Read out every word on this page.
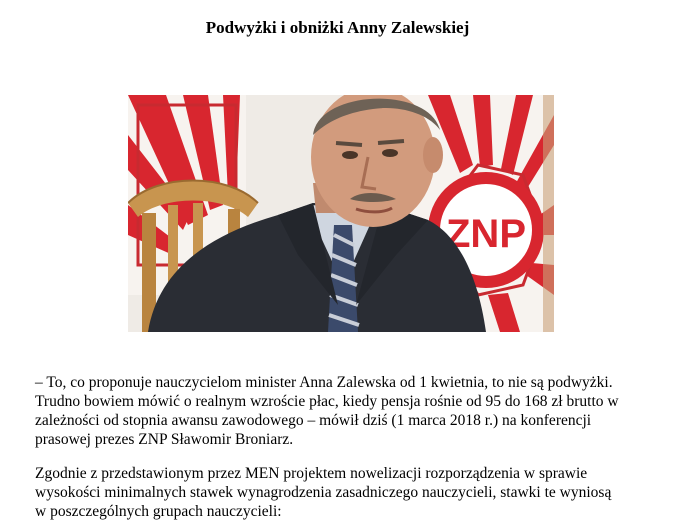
Podwyżki i obniżki Anny Zalewskiej
ZNP
– To, co proponuje nauczycielom minister Anna Zalewska od 1 kwietnia, to nie są podwyżki.
Trudno bowiem mówić o realnym wzroście płac, kiedy pensja rośnie od 95 do 168 zł brutto w
zależności od stopnia awansu zawodowego – mówił dziś (1 marca 2018 r.) na konferencji
prasowej prezes ZNP Sławomir Broniarz.
Zgodnie z przedstawionym przez MEN projektem nowelizacji rozporządzenia w sprawie
wysokości minimalnych stawek wynagrodzenia zasadniczego nauczycieli, stawki te wyniosą
w poszczególnych grupach nauczycieli:
